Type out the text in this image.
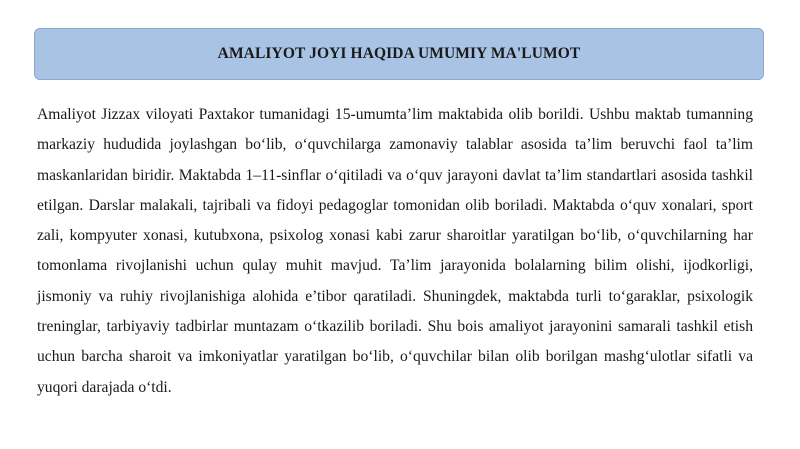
AMALIYOT JOYI HAQIDA UMUMIY MA'LUMOT

Amaliyot Jizzax viloyati Paxtakor tumanidagi 15-umumta’lim maktabida olib borildi. Ushbu maktab tumanning markaziy hududida joylashgan bo‘lib, o‘quvchilarga zamonaviy talablar asosida ta’lim beruvchi faol ta’lim maskanlaridan biridir. Maktabda 1–11-sinflar o‘qitiladi va o‘quv jarayoni davlat ta’lim standartlari asosida tashkil etilgan. Darslar malakali, tajribali va fidoyi pedagoglar tomonidan olib boriladi. Maktabda o‘quv xonalari, sport zali, kompyuter xonasi, kutubxona, psixolog xonasi kabi zarur sharoitlar yaratilgan bo‘lib, o‘quvchilarning har tomonlama rivojlanishi uchun qulay muhit mavjud. Ta’lim jarayonida bolalarning bilim olishi, ijodkorligi, jismoniy va ruhiy rivojlanishiga alohida e’tibor qaratiladi. Shuningdek, maktabda turli to‘garaklar, psixologik treninglar, tarbiyaviy tadbirlar muntazam o‘tkazilib boriladi. Shu bois amaliyot jarayonini samarali tashkil etish uchun barcha sharoit va imkoniyatlar yaratilgan bo‘lib, o‘quvchilar bilan olib borilgan mashg‘ulotlar sifatli va yuqori darajada o‘tdi.
